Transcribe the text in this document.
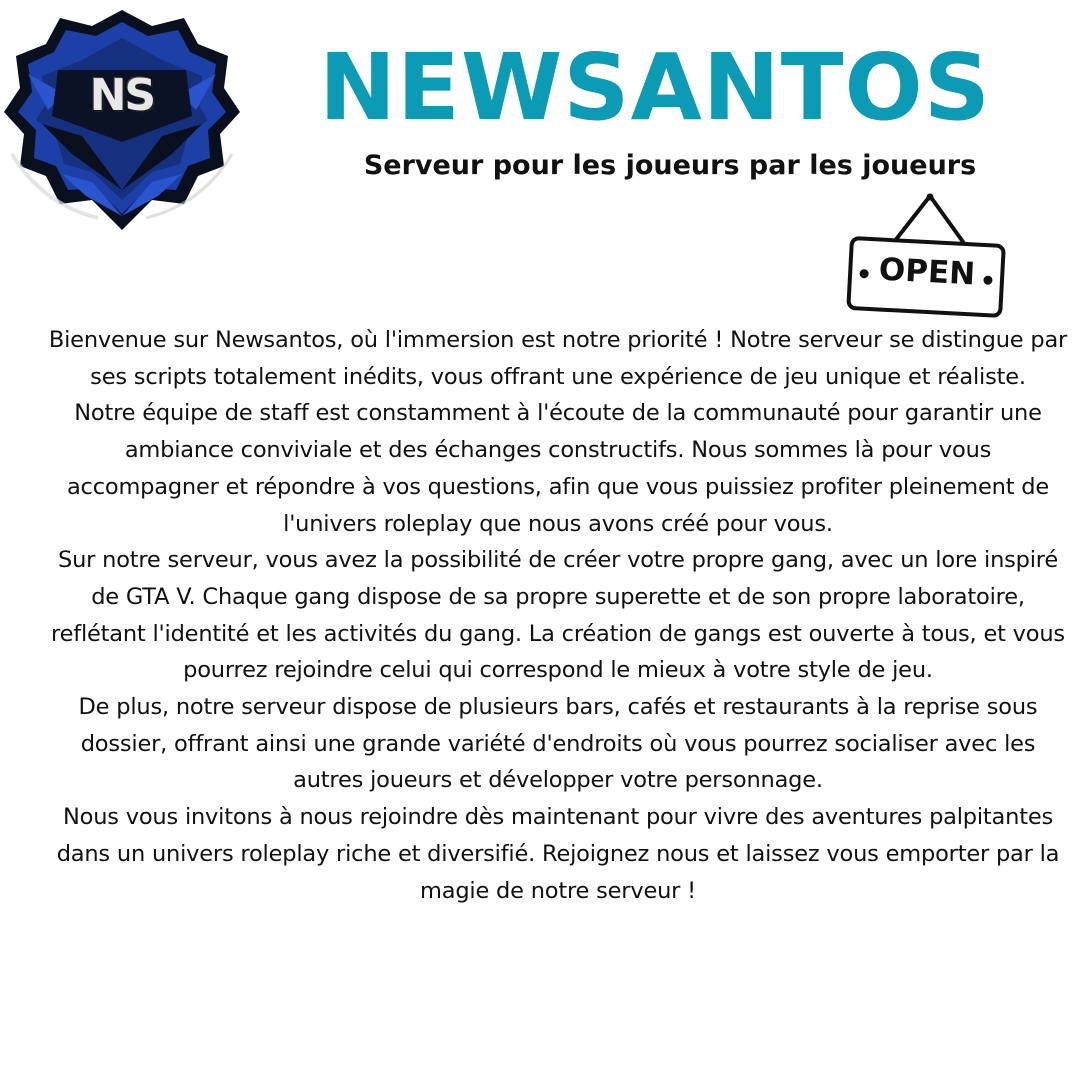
NS	NEWSANTOS
Serveur pour les joueurs par les joueurs
OPEN

Bienvenue sur Newsantos, où l'immersion est notre priorité ! Notre serveur se distingue par ses scripts totalement inédits, vous offrant une expérience de jeu unique et réaliste.

Notre équipe de staff est constamment à l'écoute de la communauté pour garantir une ambiance conviviale et des échanges constructifs. Nous sommes là pour vous accompagner et répondre à vos questions, afin que vous puissiez profiter pleinement de l'univers roleplay que nous avons créé pour vous.

Sur notre serveur, vous avez la possibilité de créer votre propre gang, avec un lore inspiré de GTA V. Chaque gang dispose de sa propre superette et de son propre laboratoire, reflétant l'identité et les activités du gang. La création de gangs est ouverte à tous, et vous pourrez rejoindre celui qui correspond le mieux à votre style de jeu.

De plus, notre serveur dispose de plusieurs bars, cafés et restaurants à la reprise sous dossier, offrant ainsi une grande variété d'endroits où vous pourrez socialiser avec les autres joueurs et développer votre personnage.

Nous vous invitons à nous rejoindre dès maintenant pour vivre des aventures palpitantes dans un univers roleplay riche et diversifié. Rejoignez nous et laissez vous emporter par la magie de notre serveur !
